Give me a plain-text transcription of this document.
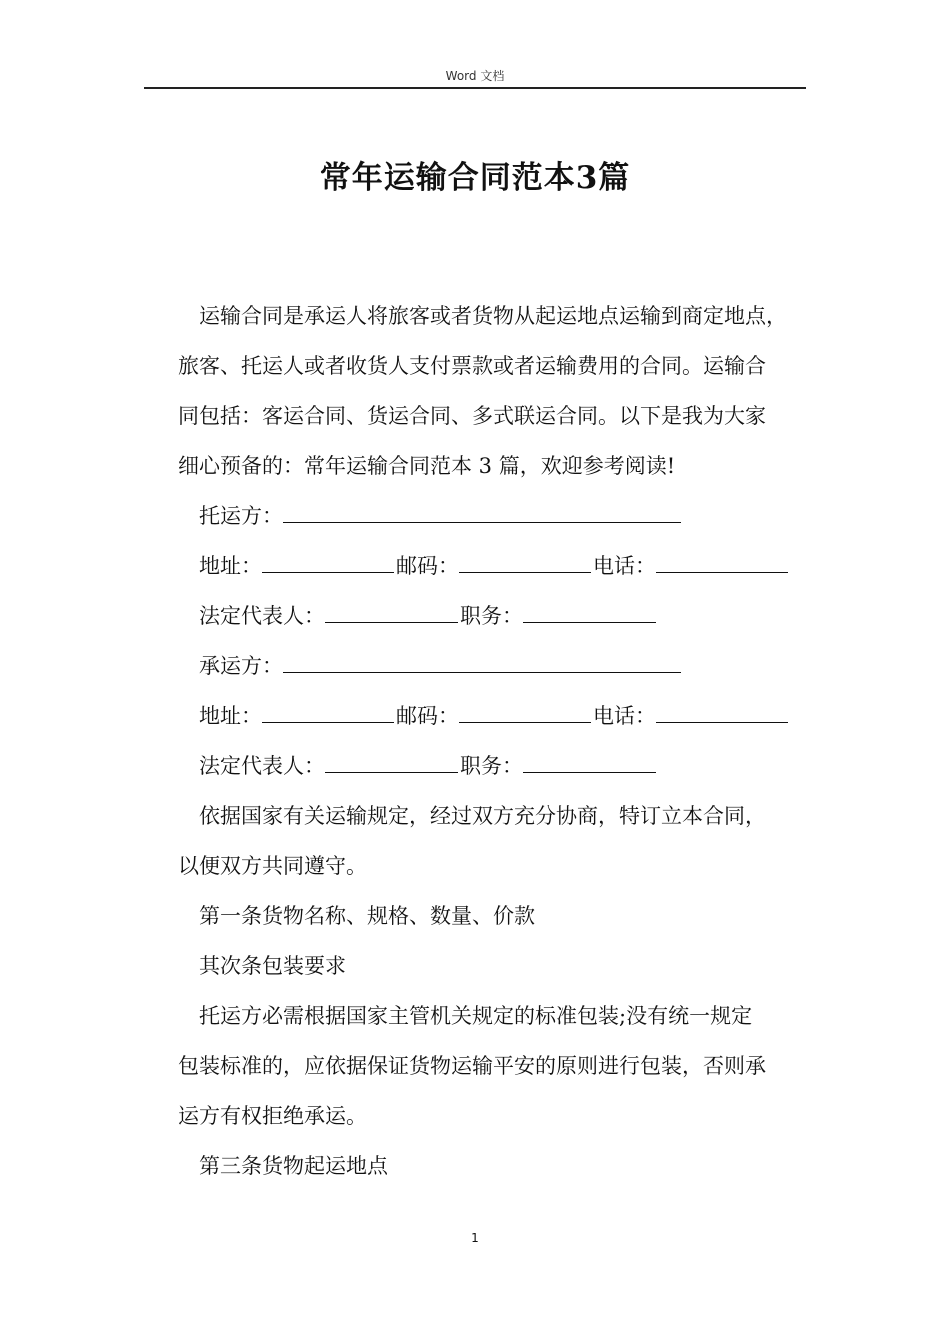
Word 文档
常年运输合同范本3篇
运输合同是承运人将旅客或者货物从起运地点运输到商定地点，
旅客、托运人或者收货人支付票款或者运输费用的合同。运输合
同包括：客运合同、货运合同、多式联运合同。以下是我为大家
细心预备的：常年运输合同范本 3 篇，欢迎参考阅读!
托运方：
地址：	邮码：	电话：
法定代表人：	职务：
承运方：
地址：	邮码：	电话：
法定代表人：	职务：
依据国家有关运输规定，经过双方充分协商，特订立本合同，
以便双方共同遵守。
第一条货物名称、规格、数量、价款
其次条包装要求
托运方必需根据国家主管机关规定的标准包装;没有统一规定
包装标准的，应依据保证货物运输平安的原则进行包装，否则承
运方有权拒绝承运。
第三条货物起运地点
1
